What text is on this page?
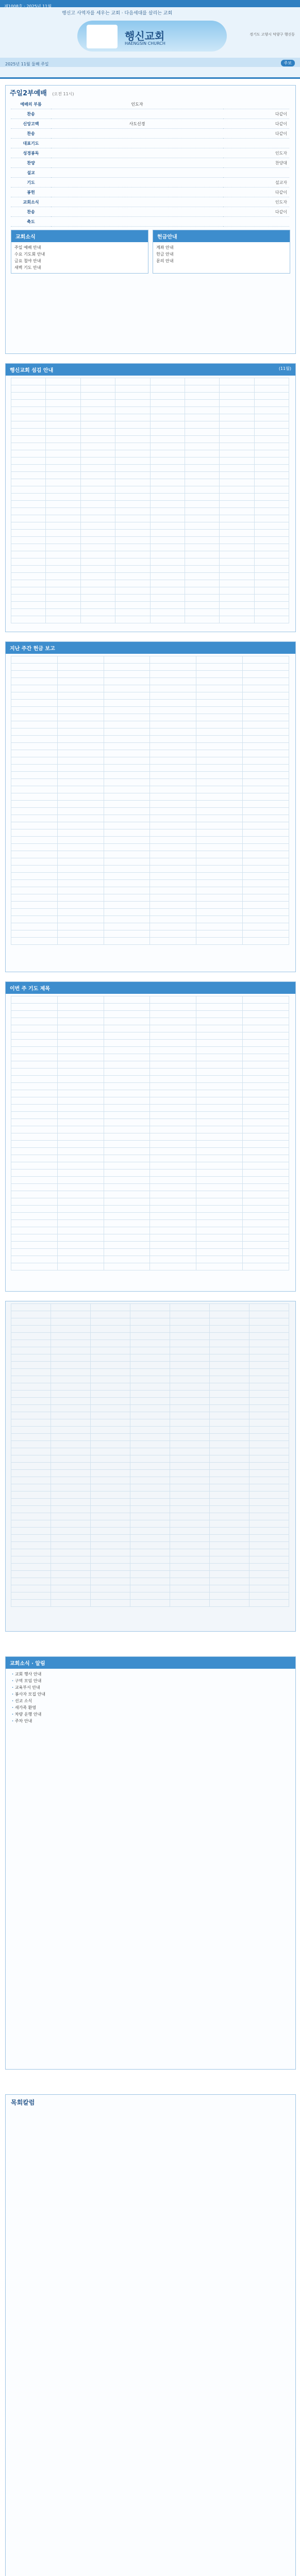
제1008호 · 2025년 11월
행신고 사역자를 세우는 교회 · 다음세대를 살리는 교회
행신교회
HAENGSIN CHURCH
경기도 고양시 덕양구 행신동
2025년 11월 둘째 주일	주보
주일2부예배 (오전 11시)
예배의 부름	인도자	
찬송		다같이
신앙고백	사도신경	다같이
찬송		다같이
대표기도		
성경봉독		인도자
찬양		찬양대
설교		
기도		설교자
봉헌		다같이
교회소식		인도자
찬송		다같이
축도		
교회소식
주일 예배 안내
수요 기도회 안내
금요 철야 안내
새벽 기도 안내
헌금안내
계좌 안내
헌금 안내
문의 안내
행신교회 섬김 안내	(11월)

지난 주간 헌금 보고

이번 주 기도 제목

교회소식 · 알림
· 교회 행사 안내
· 구역 모임 안내
· 교육부서 안내
· 봉사자 모집 안내
· 선교 소식
· 새가족 환영
· 차량 운행 안내
· 주차 안내
목회칼럼
